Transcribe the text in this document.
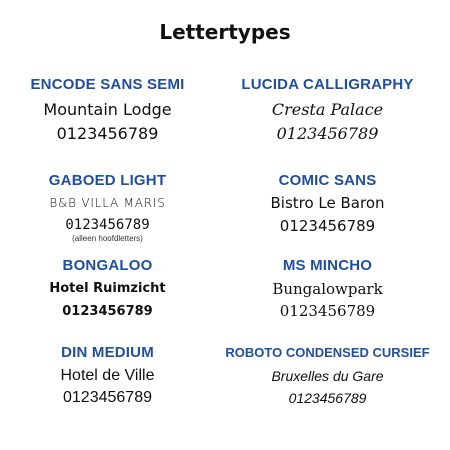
Lettertypes
ENCODE SANS SEMI
Mountain Lodge
0123456789
LUCIDA CALLIGRAPHY
Cresta Palace
0123456789
GABOED LIGHT
B&B VILLA MARIS
0123456789
(alleen hoofdletters)
COMIC SANS
Bistro Le Baron
0123456789
BONGALOO
Hotel Ruimzicht
0123456789
MS MINCHO
Bungalowpark
0123456789
DIN MEDIUM
Hotel de Ville
0123456789
ROBOTO CONDENSED CURSIEF
Bruxelles du Gare
0123456789
